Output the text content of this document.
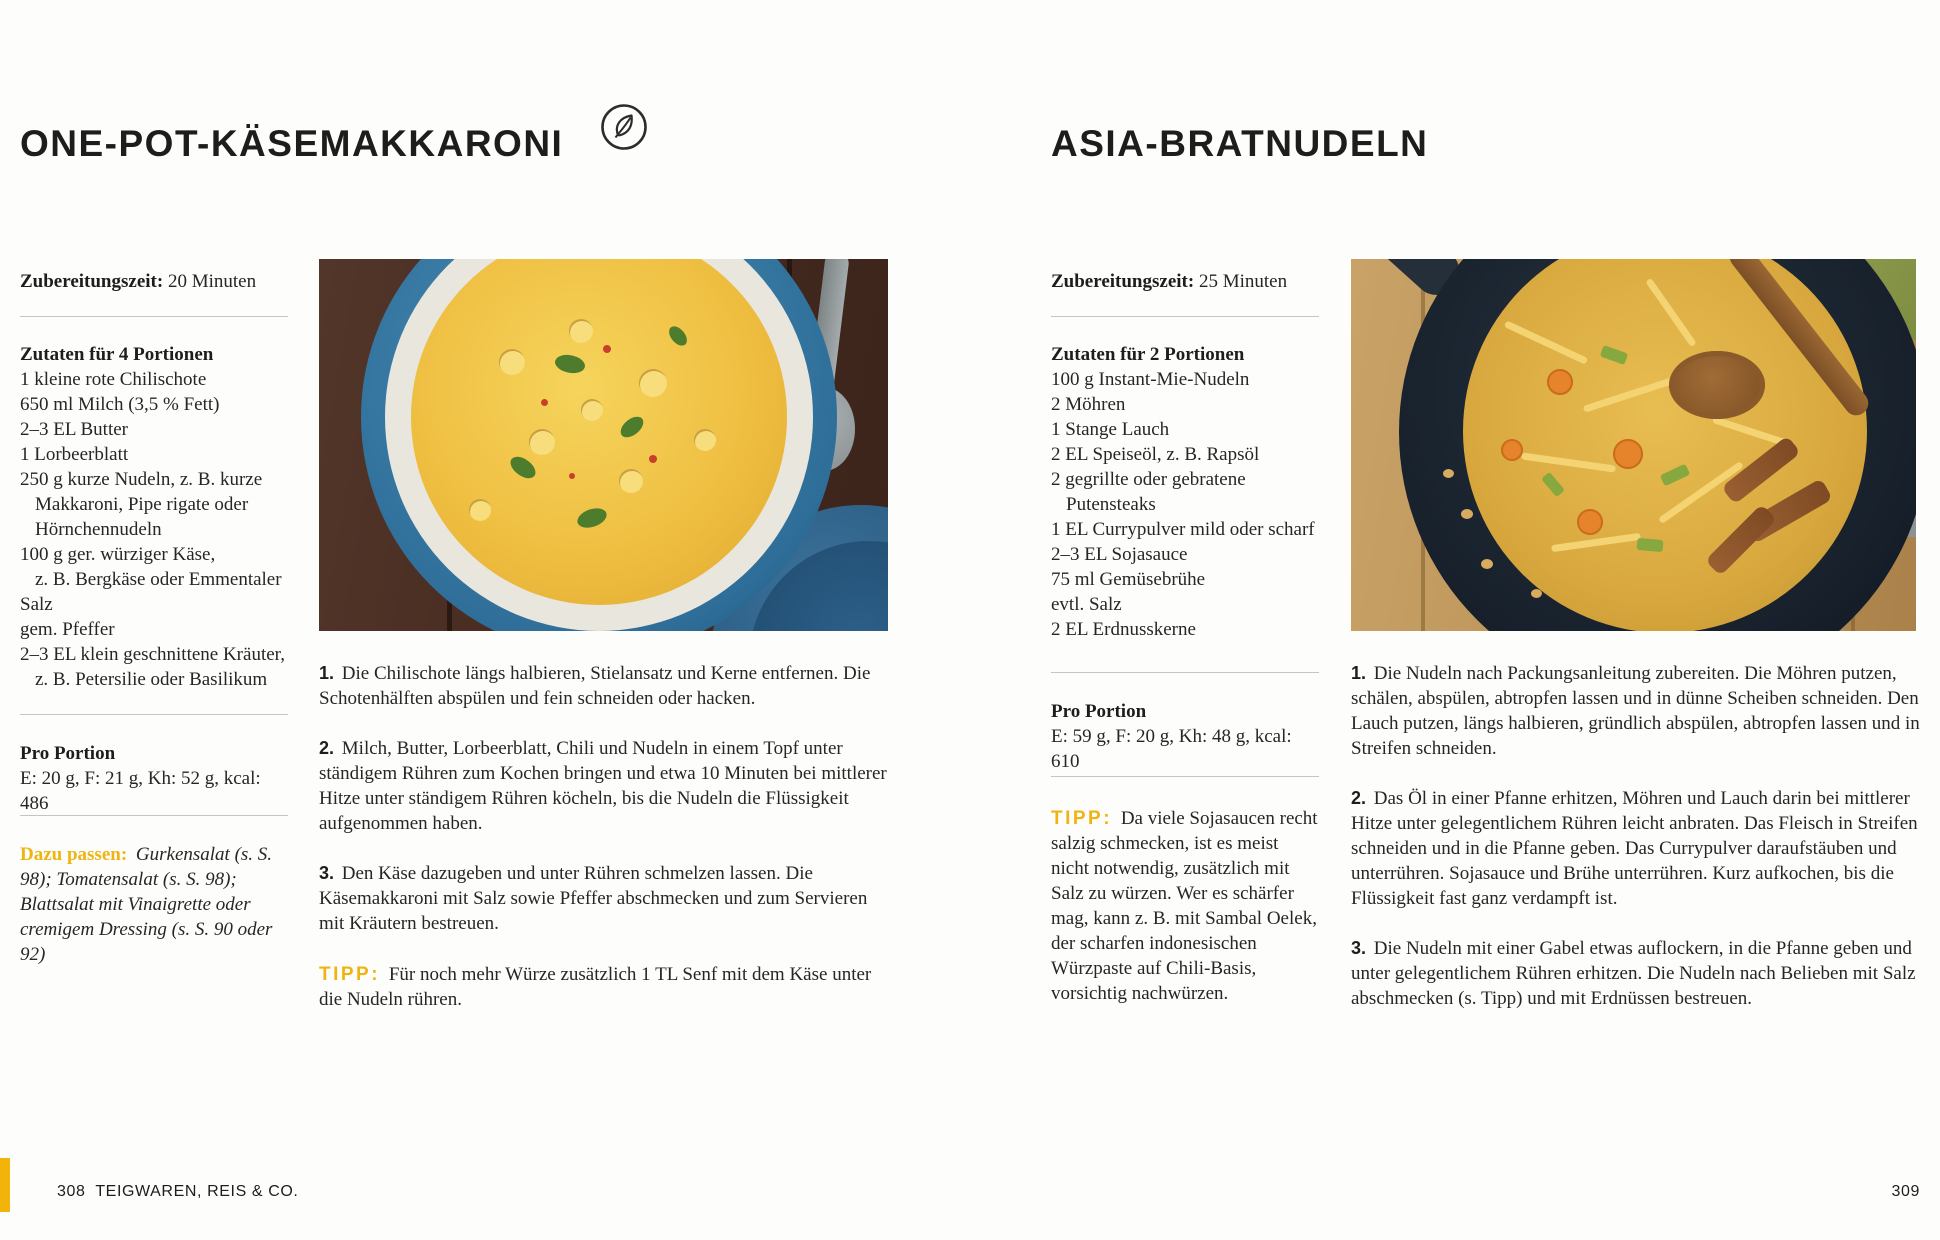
ONE-POT-KÄSEMAKKARONI
Zubereitungszeit: 20 Minuten
Zutaten für 4 Portionen
1 kleine rote Chilischote
650 ml Milch (3,5 % Fett)
2–3 EL Butter
1 Lorbeerblatt
250 g kurze Nudeln, z. B. kurze
Makkaroni, Pipe rigate oder
Hörnchennudeln
100 g ger. würziger Käse,
z. B. Bergkäse oder Emmentaler
Salz
gem. Pfeffer
2–3 EL klein geschnittene Kräuter,
z. B. Petersilie oder Basilikum
Pro Portion
E: 20 g, F: 21 g, Kh: 52 g, kcal: 486
Dazu passen: Gurkensalat (s. S. 98); Tomatensalat (s. S. 98); Blattsalat mit Vinaigrette oder cremigem Dressing (s. S. 90 oder 92)

1. Die Chilischote längs halbieren, Stielansatz und Kerne entfernen. Die Schotenhälften abspülen und fein schneiden oder hacken.

2. Milch, Butter, Lorbeerblatt, Chili und Nudeln in einem Topf unter ständigem Rühren zum Kochen bringen und etwa 10 Minuten bei mittlerer Hitze unter ständigem Rühren köcheln, bis die Nudeln die Flüssigkeit aufgenommen haben.

3. Den Käse dazugeben und unter Rühren schmelzen lassen. Die Käsemakkaroni mit Salz sowie Pfeffer abschmecken und zum Servieren mit Kräutern bestreuen.

TIPP: Für noch mehr Würze zusätzlich 1 TL Senf mit dem Käse unter die Nudeln rühren.

ASIA-BRATNUDELN
Zubereitungszeit: 25 Minuten
Zutaten für 2 Portionen
100 g Instant-Mie-Nudeln
2 Möhren
1 Stange Lauch
2 EL Speiseöl, z. B. Rapsöl
2 gegrillte oder gebratene
Putensteaks
1 EL Currypulver mild oder scharf
2–3 EL Sojasauce
75 ml Gemüsebrühe
evtl. Salz
2 EL Erdnusskerne
Pro Portion
E: 59 g, F: 20 g, Kh: 48 g, kcal: 610
TIPP: Da viele Sojasaucen recht salzig schmecken, ist es meist nicht notwendig, zusätzlich mit Salz zu würzen. Wer es schärfer mag, kann z. B. mit Sambal Oelek, der scharfen indonesischen Würzpaste auf Chili-Basis, vorsichtig nachwürzen.

1. Die Nudeln nach Packungsanleitung zubereiten. Die Möhren putzen, schälen, abspülen, abtropfen lassen und in dünne Scheiben schneiden. Den Lauch putzen, längs halbieren, gründlich abspülen, abtropfen lassen und in Streifen schneiden.

2. Das Öl in einer Pfanne erhitzen, Möhren und Lauch darin bei mittlerer Hitze unter gelegentlichem Rühren leicht anbraten. Das Fleisch in Streifen schneiden und in die Pfanne geben. Das Currypulver daraufstäuben und unterrühren. Sojasauce und Brühe unterrühren. Kurz aufkochen, bis die Flüssigkeit fast ganz verdampft ist.

3. Die Nudeln mit einer Gabel etwas auflockern, in die Pfanne geben und unter gelegentlichem Rühren erhitzen. Die Nudeln nach Belieben mit Salz abschmecken (s. Tipp) und mit Erdnüssen bestreuen.

308 TEIGWAREN, REIS & CO.	309
